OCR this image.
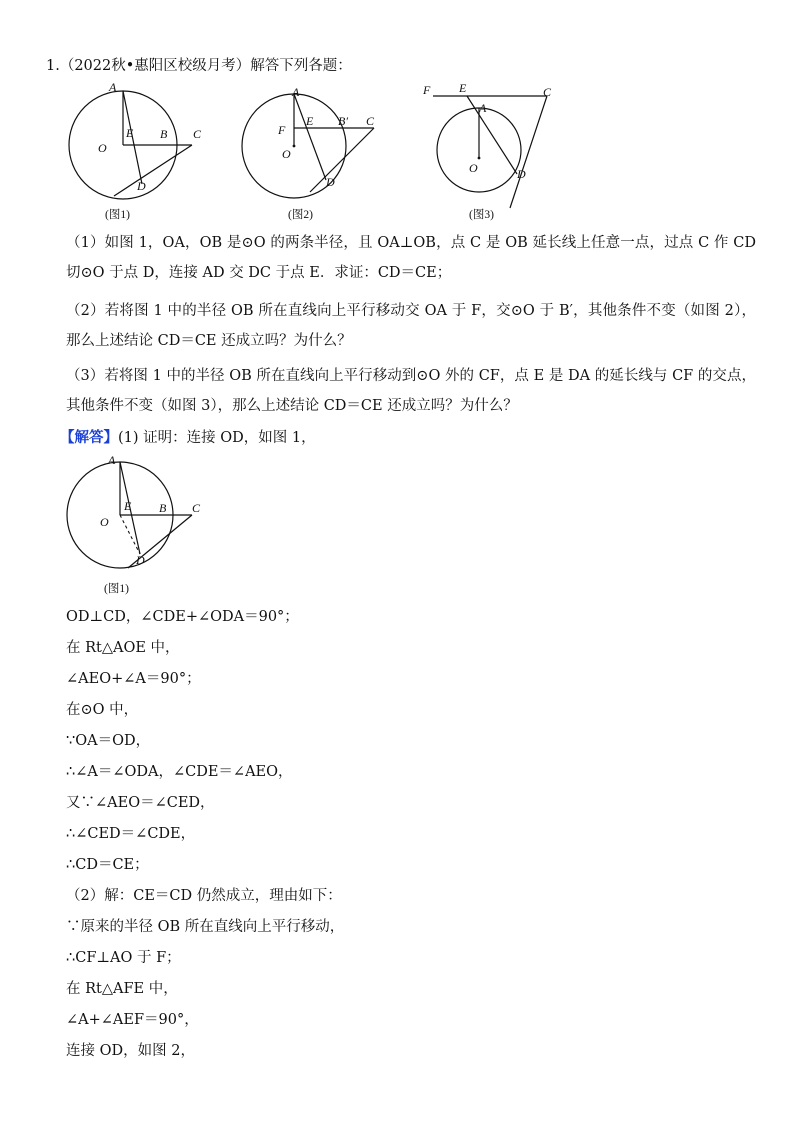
1.（2022秋•惠阳区校级月考）解答下列各题：
A
O
E B C
D
(图1)
A
F
O
E B′ C
D
(图2)
F E
A
C
O	D
(图3)
（1）如图 1，OA，OB 是⊙O 的两条半径，且 OA⊥OB，点 C 是 OB 延长线上任意一点，过点 C 作 CD 切⊙O 于点 D，连接 AD 交 DC 于点 E．求证：CD＝CE；
（2）若将图 1 中的半径 OB 所在直线向上平行移动交 OA 于 F，交⊙O 于 B′，其他条件不变（如图 2），那么上述结论 CD＝CE 还成立吗？为什么？
（3）若将图 1 中的半径 OB 所在直线向上平行移动到⊙O 外的 CF，点 E 是 DA 的延长线与 CF 的交点，其他条件不变（如图 3），那么上述结论 CD＝CE 还成立吗？为什么？
【解答】(1) 证明：连接 OD，如图 1，
A
O
E B C
D
(图1)
OD⊥CD，∠CDE+∠ODA＝90°；
在 Rt△AOE 中，
∠AEO+∠A＝90°；
在⊙O 中，
∵OA＝OD，
∴∠A＝∠ODA，∠CDE＝∠AEO，
又∵∠AEO＝∠CED，
∴∠CED＝∠CDE，
∴CD＝CE；
（2）解：CE＝CD 仍然成立，理由如下：
∵原来的半径 OB 所在直线向上平行移动，
∴CF⊥AO 于 F；
在 Rt△AFE 中，
∠A+∠AEF＝90°，
连接 OD，如图 2，
